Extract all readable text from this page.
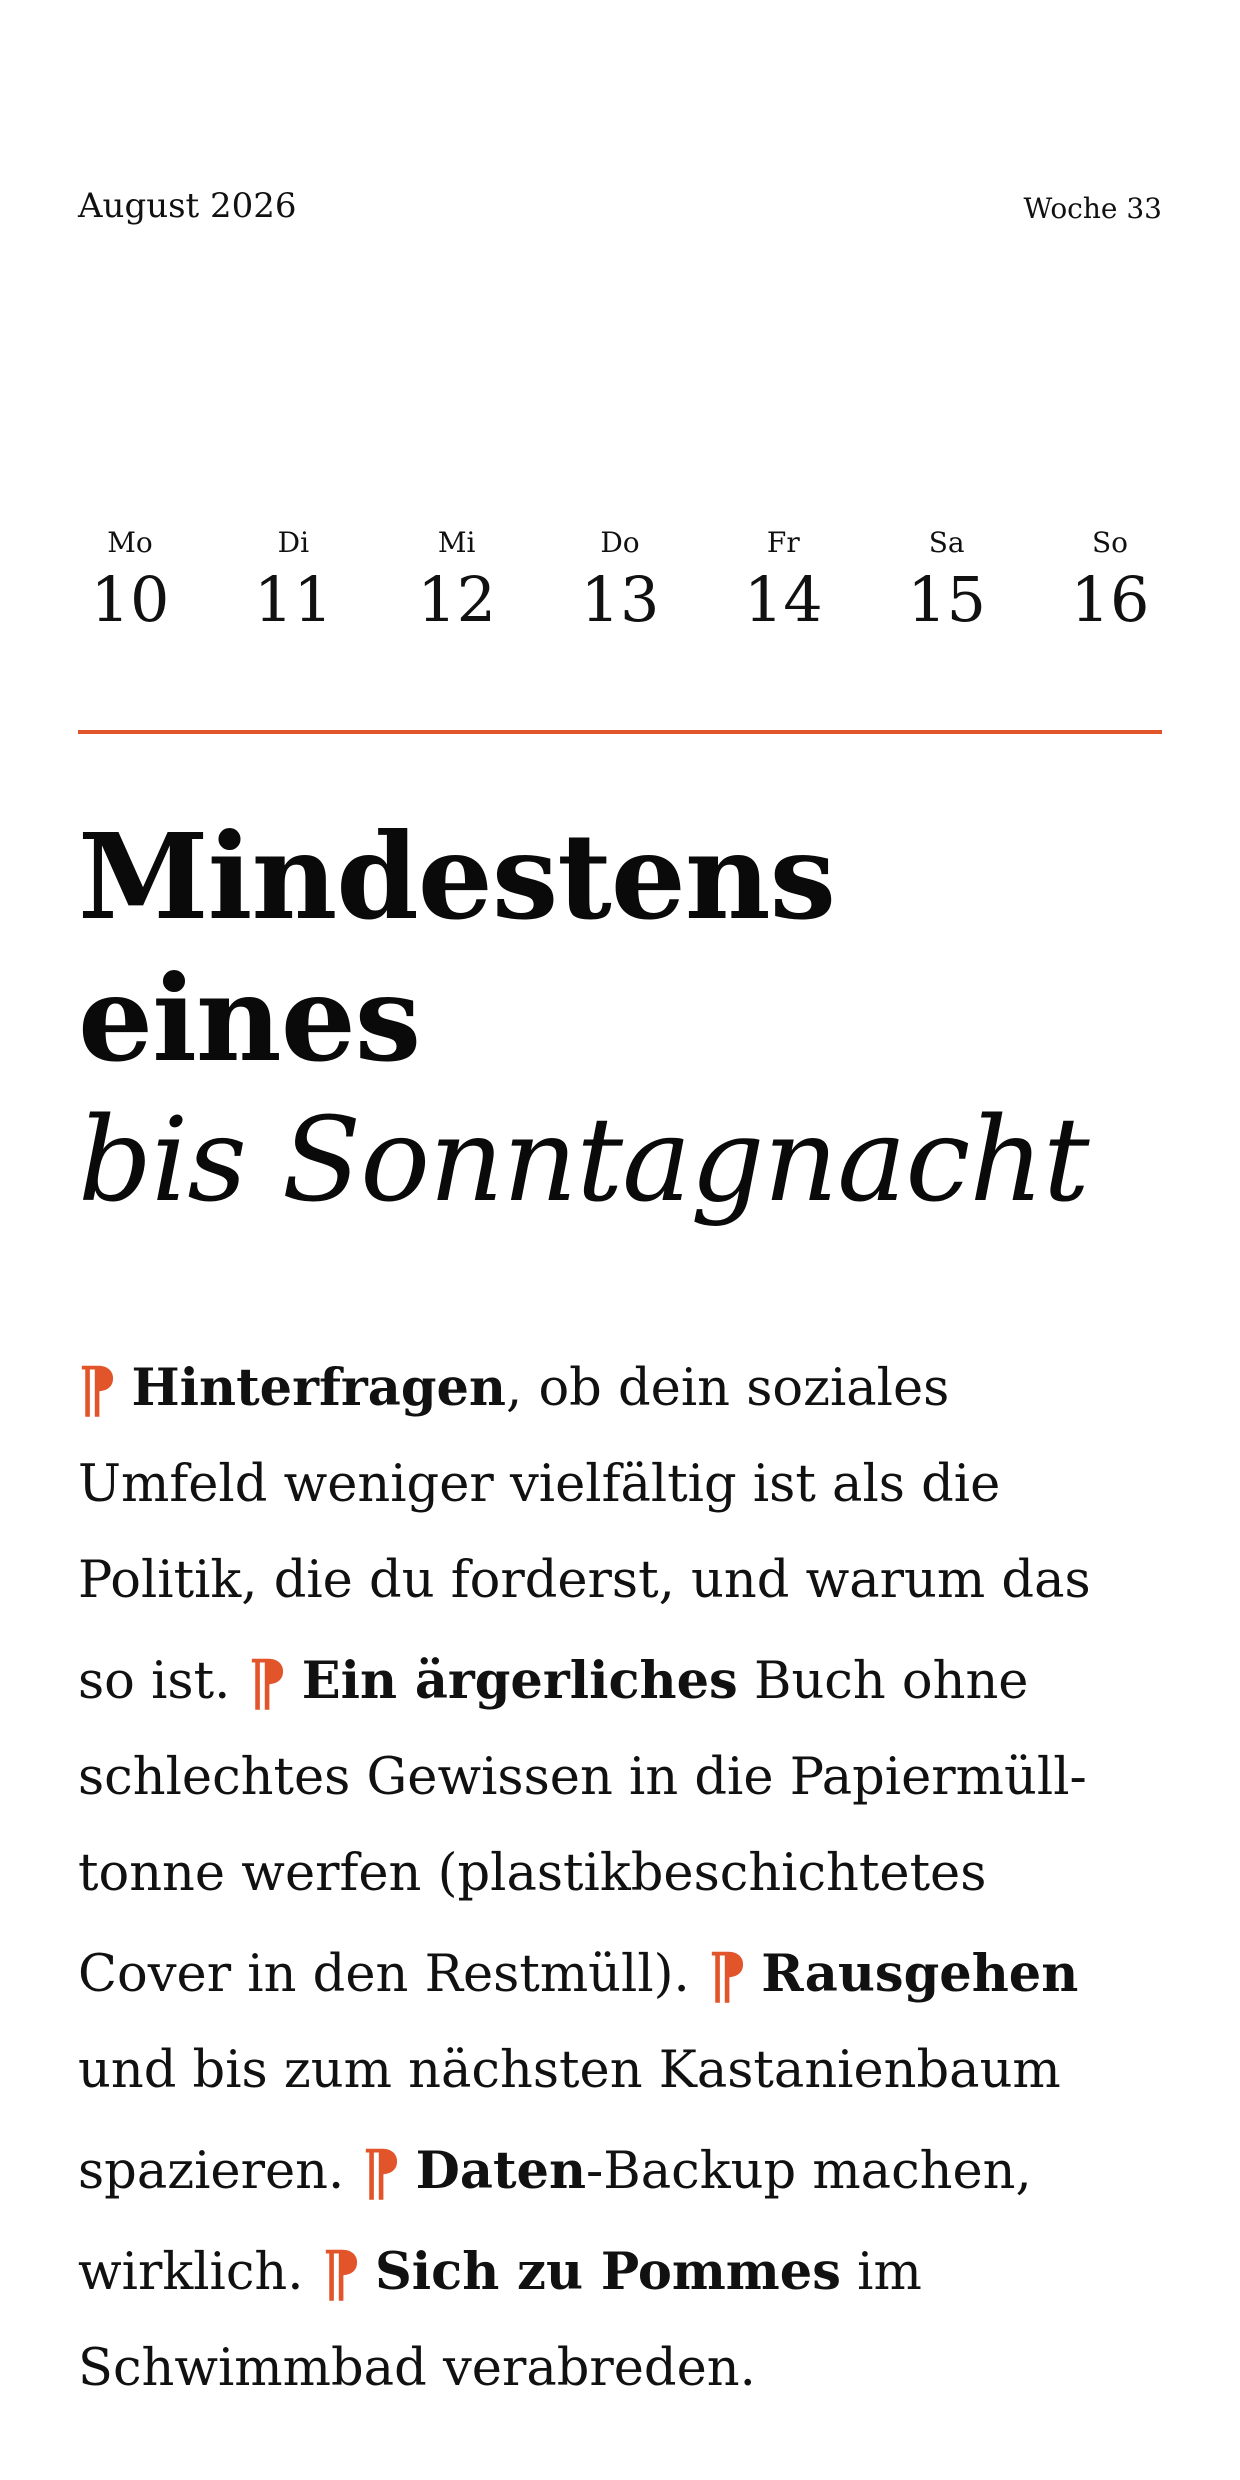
August 2026	Woche 33
Mo
10
Di
11
Mi
12
Do
13
Fr
14
Sa
15
So
16
Mindestens
eines
bis Sonntagnacht
¶ Hinterfragen, ob dein soziales
Umfeld weniger vielfältig ist als die
Politik, die du forderst, und warum das
so ist. ¶ Ein ärgerliches Buch ohne
schlechtes Gewissen in die Papiermüll-
tonne werfen (plastikbeschichtetes
Cover in den Restmüll). ¶ Rausgehen
und bis zum nächsten Kastanienbaum
spazieren. ¶ Daten-Backup machen,
wirklich. ¶ Sich zu Pommes im
Schwimmbad verabreden.
